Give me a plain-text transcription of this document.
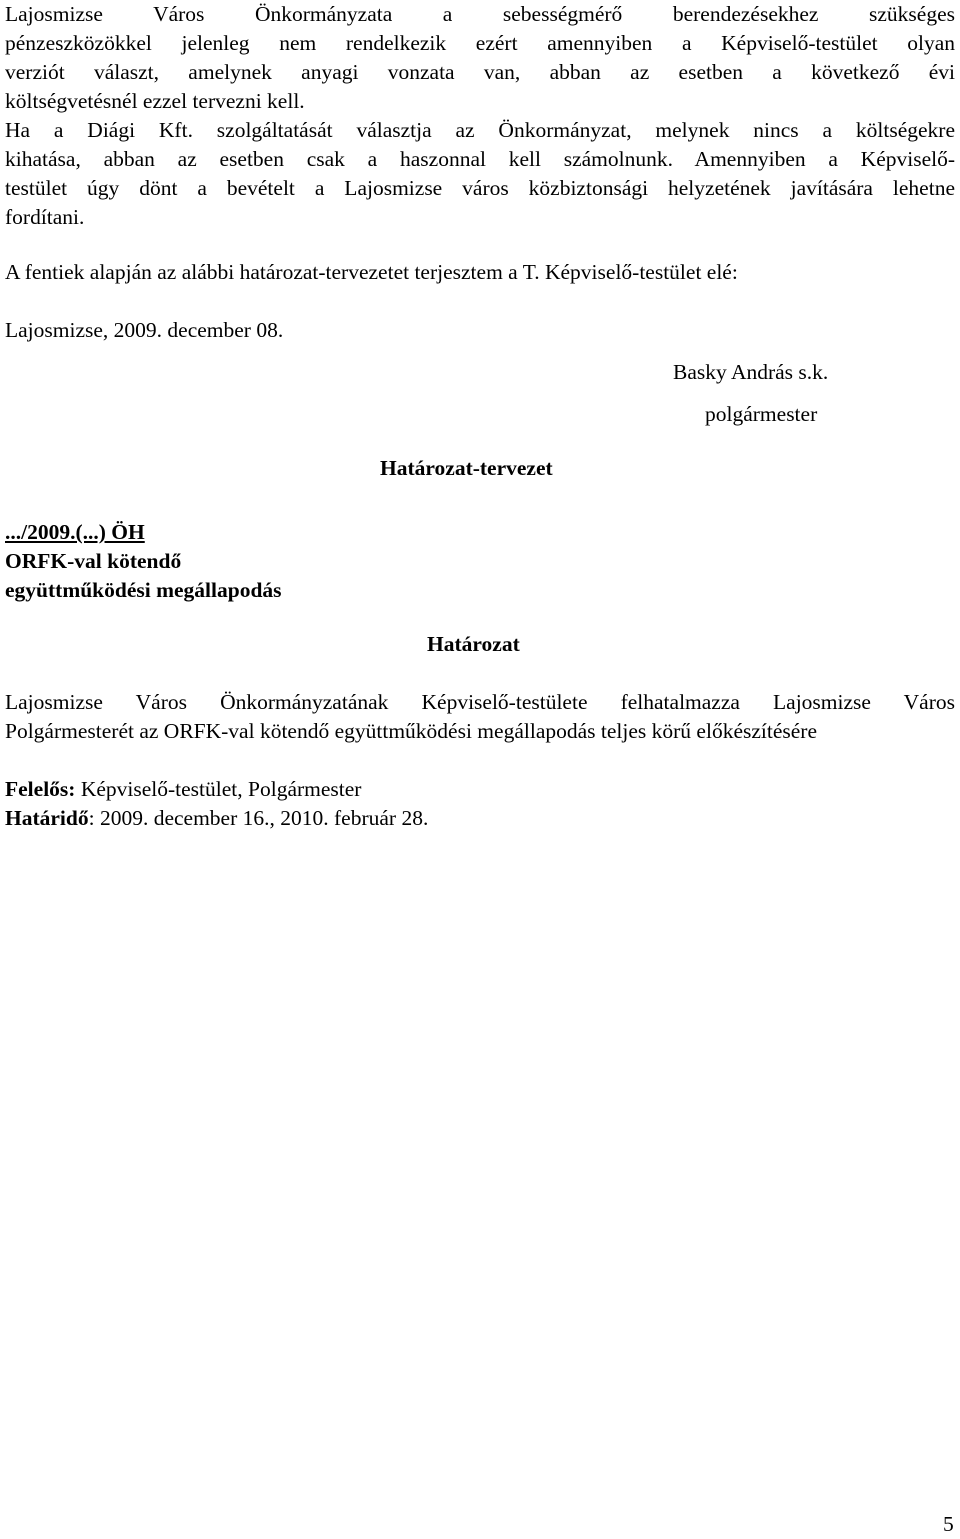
Lajosmizse Város Önkormányzata a sebességmérő berendezésekhez szükséges
pénzeszközökkel jelenleg nem rendelkezik ezért amennyiben a Képviselő-testület olyan
verziót választ, amelynek anyagi vonzata van, abban az esetben a következő évi
költségvetésnél ezzel tervezni kell.
Ha a Diági Kft. szolgáltatását választja az Önkormányzat, melynek nincs a költségekre
kihatása, abban az esetben csak a haszonnal kell számolnunk. Amennyiben a Képviselő-
testület úgy dönt a bevételt a Lajosmizse város közbiztonsági helyzetének javítására lehetne
fordítani.

A fentiek alapján az alábbi határozat-tervezetet terjesztem a T. Képviselő-testület elé:

Lajosmizse, 2009. december 08.

Basky András s.k.

polgármester

Határozat-tervezet

.../2009.(...) ÖH

ORFK-val kötendő

együttműködési megállapodás

Határozat

Lajosmizse Város Önkormányzatának Képviselő-testülete felhatalmazza Lajosmizse Város
Polgármesterét az ORFK-val kötendő együttműködési megállapodás teljes körű előkészítésére

Felelős: Képviselő-testület, Polgármester

Határidő: 2009. december 16., 2010. február 28.

5
